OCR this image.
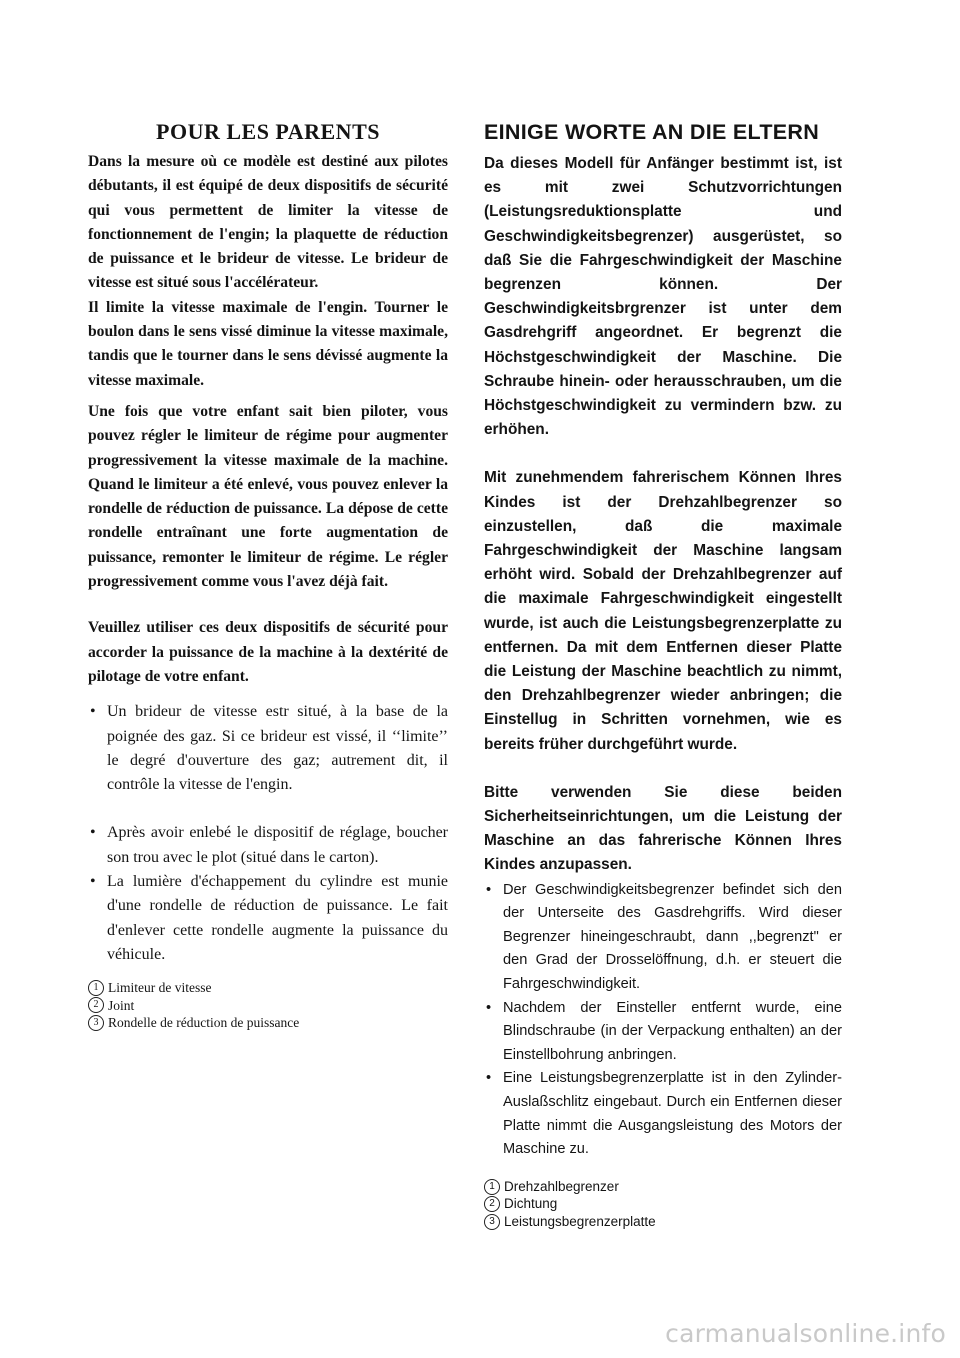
POUR LES PARENTS

Dans la mesure où ce modèle est destiné aux pilotes débutants, il est équipé de deux dispositifs de sécurité qui vous permettent de limiter la vitesse de fonctionnement de l'engin; la plaquette de réduction de puissance et le brideur de vitesse. Le brideur de vitesse est situé sous l'accélérateur.

Il limite la vitesse maximale de l'engin. Tourner le boulon dans le sens vissé diminue la vitesse maximale, tandis que le tourner dans le sens dévissé augmente la vitesse maximale.

Une fois que votre enfant sait bien piloter, vous pouvez régler le limiteur de régime pour augmenter progressivement la vitesse maximale de la machine. Quand le limiteur a été enlevé, vous pouvez enlever la rondelle de réduction de puissance. La dépose de cette rondelle entraînant une forte augmentation de puissance, remonter le limiteur de régime. Le régler progressivement comme vous l'avez déjà fait.

Veuillez utiliser ces deux dispositifs de sécurité pour accorder la puissance de la machine à la dextérité de pilotage de votre enfant.

• Un brideur de vitesse estr situé, à la base de la poignée des gaz. Si ce brideur est vissé, il ‘‘limite’’ le degré d'ouverture des gaz; autrement dit, il contrôle la vitesse de l'engin.
• Après avoir enlebé le dispositif de réglage, boucher son trou avec le plot (situé dans le carton).
• La lumière d'échappement du cylindre est munie d'une rondelle de réduction de puissance. Le fait d'enlever cette rondelle augmente la puissance du véhicule.
1 Limiteur de vitesse
2 Joint
3 Rondelle de réduction de puissance
EINIGE WORTE AN DIE ELTERN

Da dieses Modell für Anfänger bestimmt ist, ist es mit zwei Schutzvorrichtungen (Leistungsreduktionsplatte und Geschwindigkeitsbegrenzer) ausgerüstet, so daß Sie die Fahrgeschwindigkeit der Maschine begrenzen können. Der Geschwindigkeitsbrgrenzer ist unter dem Gasdrehgriff angeordnet. Er begrenzt die Höchstgeschwindigkeit der Maschine. Die Schraube hinein- oder herausschrauben, um die Höchstgeschwindigkeit zu vermindern bzw. zu erhöhen.

Mit zunehmendem fahrerischem Können Ihres Kindes ist der Drehzahlbegrenzer so einzustellen, daß die maximale Fahrgeschwindigkeit der Maschine langsam erhöht wird. Sobald der Drehzahlbegrenzer auf die maximale Fahrgeschwindigkeit eingestellt wurde, ist auch die Leistungsbegrenzerplatte zu entfernen. Da mit dem Entfernen dieser Platte die Leistung der Maschine beachtlich zu nimmt, den Drehzahlbegrenzer wieder anbringen; die Einstellug in Schritten vornehmen, wie es bereits früher durchgeführt wurde.

Bitte verwenden Sie diese beiden Sicherheitseinrichtungen, um die Leistung der Maschine an das fahrerische Können Ihres Kindes anzupassen.

• Der Geschwindigkeitsbegrenzer befindet sich den der Unterseite des Gasdrehgriffs. Wird dieser Begrenzer hineingeschraubt, dann ,,begrenzt" er den Grad der Drosselöffnung, d.h. er steuert die Fahrgeschwindigkeit.
• Nachdem der Einsteller entfernt wurde, eine Blindschraube (in der Verpackung enthalten) an der Einstellbohrung anbringen.
• Eine Leistungsbegrenzerplatte ist in den Zylinder-Auslaßschlitz eingebaut. Durch ein Entfernen dieser Platte nimmt die Ausgangsleistung des Motors der Maschine zu.
1 Drehzahlbegrenzer
2 Dichtung
3 Leistungsbegrenzerplatte
carmanualsonline.info
